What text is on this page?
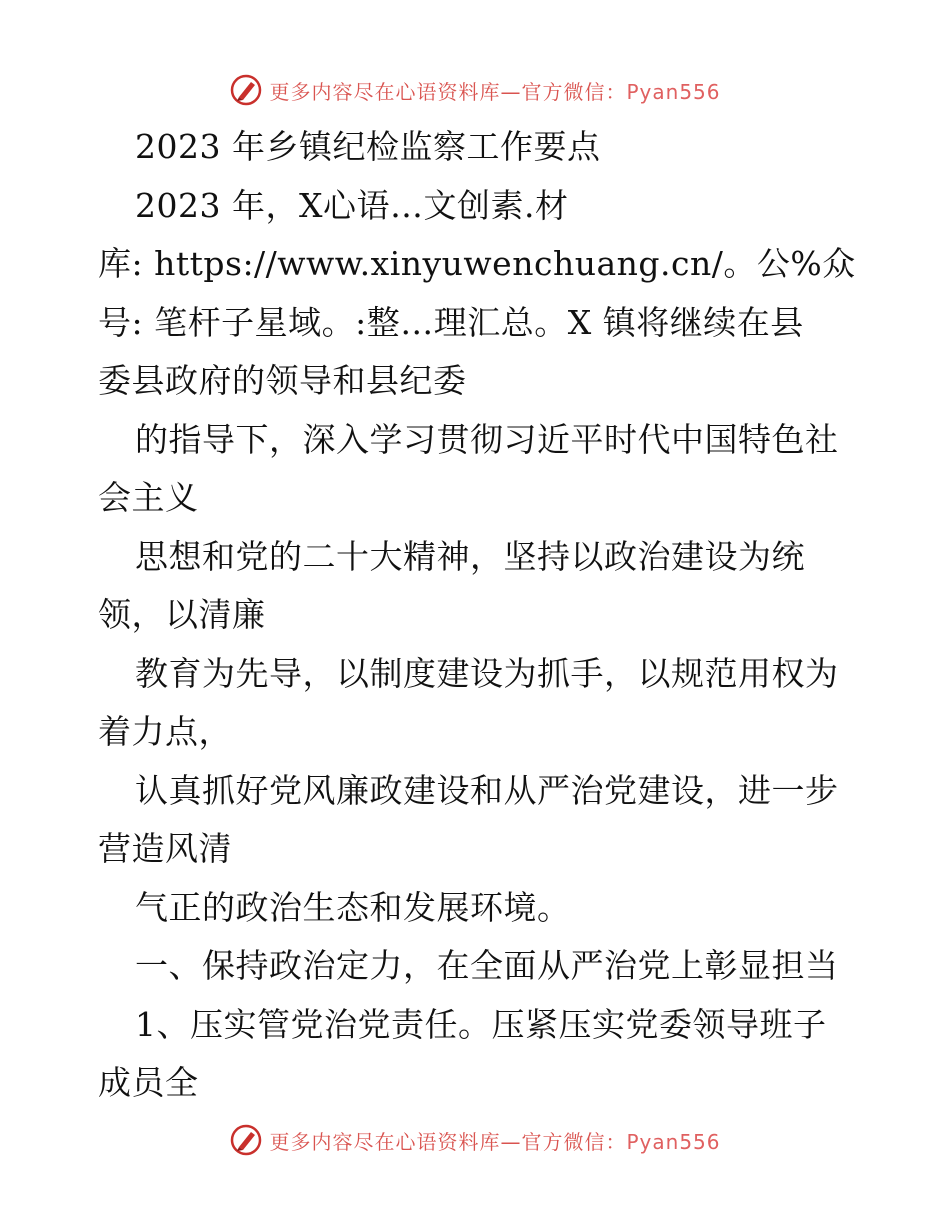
更多内容尽在心语资料库—官方微信：Pyan556
2023 年乡镇纪检监察工作要点
2023 年，X心语…文创素.材
库: https://www.xinyuwenchuang.cn/。公%众
号: 笔杆子星域。:整…理汇总。X 镇将继续在县
委县政府的领导和县纪委
的指导下，深入学习贯彻习近平时代中国特色社
会主义
思想和党的二十大精神，坚持以政治建设为统
领，以清廉
教育为先导，以制度建设为抓手，以规范用权为
着力点，
认真抓好党风廉政建设和从严治党建设，进一步
营造风清
气正的政治生态和发展环境。
一、保持政治定力，在全面从严治党上彰显担当
1、压实管党治党责任。压紧压实党委领导班子
成员全
更多内容尽在心语资料库—官方微信：Pyan556
